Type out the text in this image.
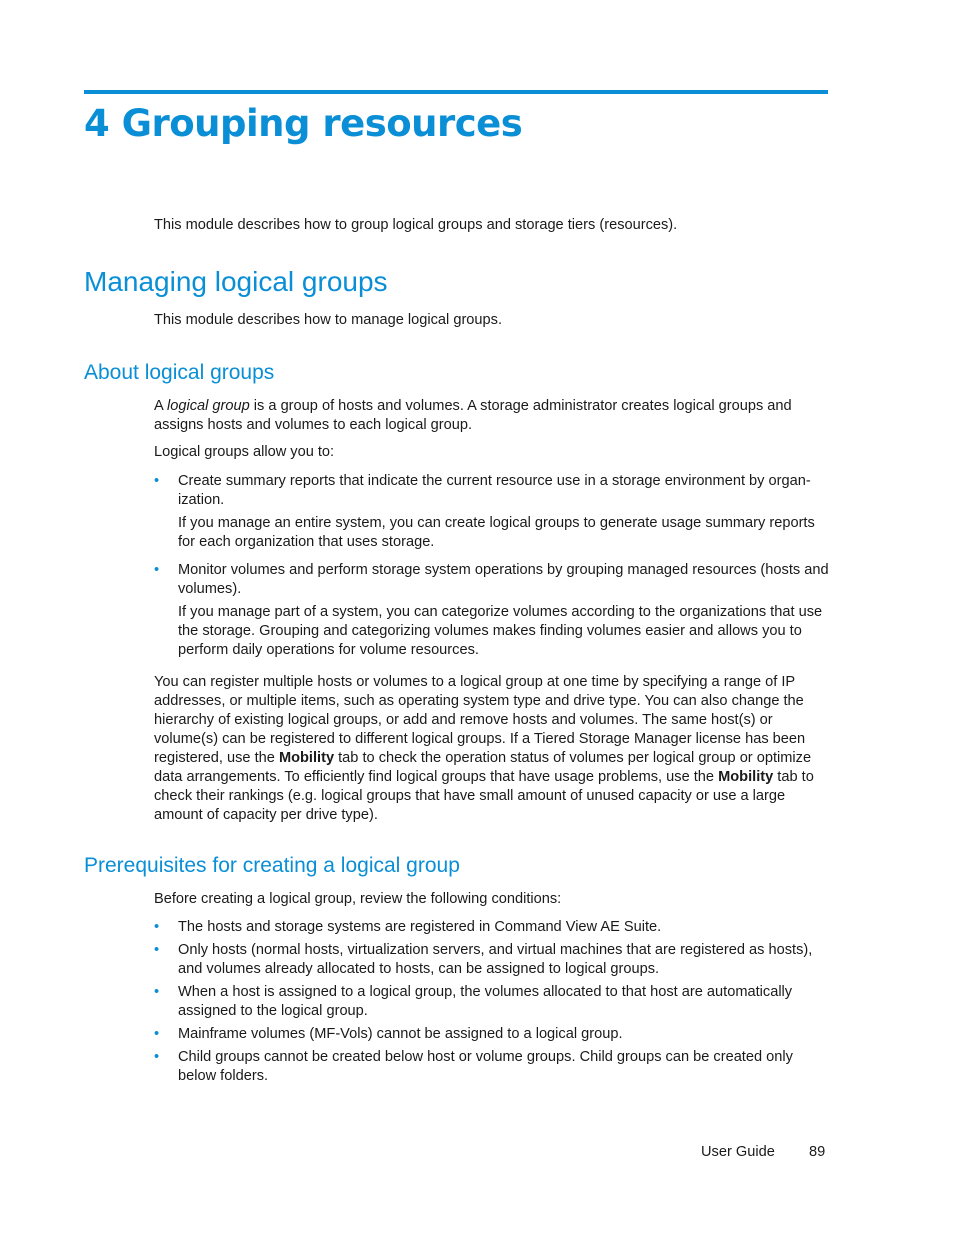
4 Grouping resources

This module describes how to group logical groups and storage tiers (resources).

Managing logical groups

This module describes how to manage logical groups.

About logical groups

A logical group is a group of hosts and volumes. A storage administrator creates logical groups and assigns hosts and volumes to each logical group.

Logical groups allow you to:

• Create summary reports that indicate the current resource use in a storage environment by organ-ization.

If you manage an entire system, you can create logical groups to generate usage summary reports for each organization that uses storage.

• Monitor volumes and perform storage system operations by grouping managed resources (hosts and volumes).

If you manage part of a system, you can categorize volumes according to the organizations that use the storage. Grouping and categorizing volumes makes finding volumes easier and allows you to perform daily operations for volume resources.

You can register multiple hosts or volumes to a logical group at one time by specifying a range of IP addresses, or multiple items, such as operating system type and drive type. You can also change the hierarchy of existing logical groups, or add and remove hosts and volumes. The same host(s) or volume(s) can be registered to different logical groups. If a Tiered Storage Manager license has been registered, use the Mobility tab to check the operation status of volumes per logical group or optimize data arrangements. To efficiently find logical groups that have usage problems, use the Mobility tab to check their rankings (e.g. logical groups that have small amount of unused capacity or use a large amount of capacity per drive type).

Prerequisites for creating a logical group

Before creating a logical group, review the following conditions:

• The hosts and storage systems are registered in Command View AE Suite.

• Only hosts (normal hosts, virtualization servers, and virtual machines that are registered as hosts), and volumes already allocated to hosts, can be assigned to logical groups.

• When a host is assigned to a logical group, the volumes allocated to that host are automatically assigned to the logical group.

• Mainframe volumes (MF-Vols) cannot be assigned to a logical group.

• Child groups cannot be created below host or volume groups. Child groups can be created only below folders.

User Guide 89
